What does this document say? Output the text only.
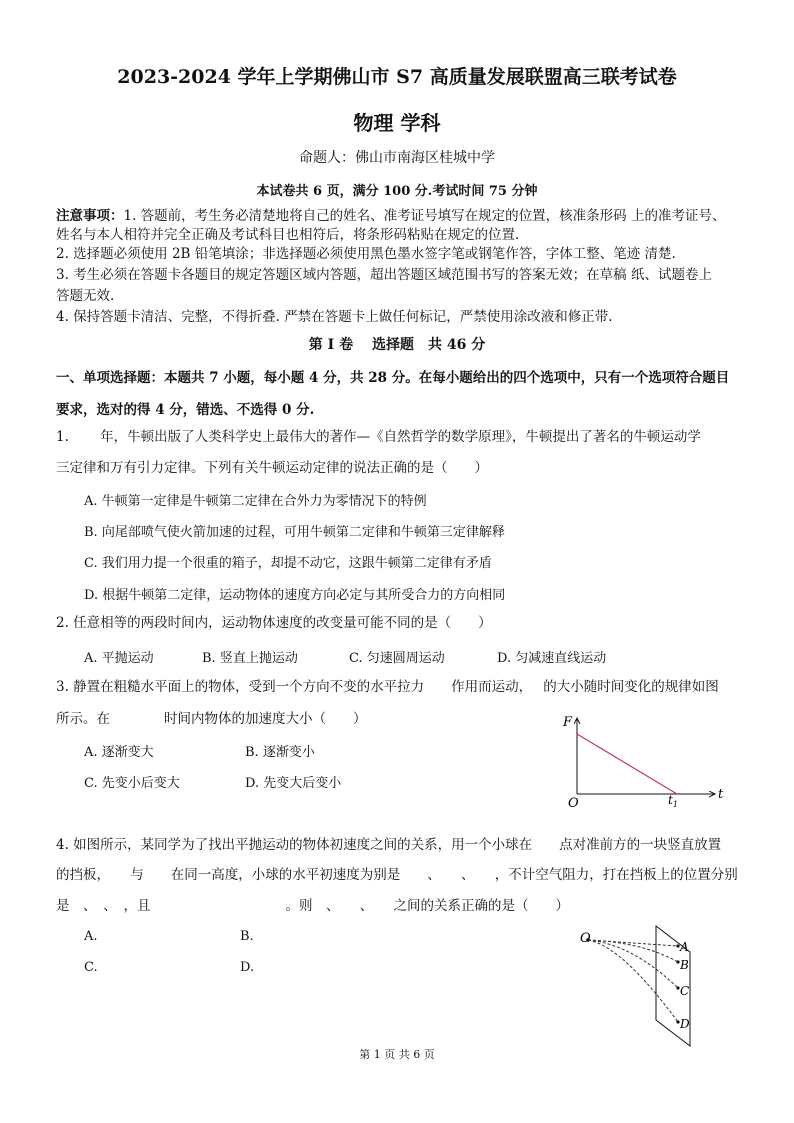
2023-2024 学年上学期佛山市 S7 高质量发展联盟高三联考试卷
物理 学科
命题人：佛山市南海区桂城中学
本试卷共 6 页，满分 100 分.考试时间 75 分钟
注意事项：1. 答题前，考生务必清楚地将自己的姓名、准考证号填写在规定的位置，核准条形码 上的准考证号、
姓名与本人相符并完全正确及考试科目也相符后，将条形码粘贴在规定的位置.
2. 选择题必须使用 2B 铅笔填涂；非选择题必须使用黑色墨水签字笔或钢笔作答，字体工整、笔迹 清楚.
3. 考生必须在答题卡各题目的规定答题区域内答题，超出答题区域范围书写的答案无效；在草稿 纸、试题卷上
答题无效.
4. 保持答题卡清洁、完整，不得折叠. 严禁在答题卡上做任何标记，严禁使用涂改液和修正带.
第 I 卷　 选择题　共 46 分
一、单项选择题：本题共 7 小题，每小题 4 分，共 28 分。在每小题给出的四个选项中，只有一个选项符合题目
要求，选对的得 4 分，错选、不选得 0 分.
1.　　 年，牛顿出版了人类科学史上最伟大的著作—《自然哲学的数学原理》，牛顿提出了著名的牛顿运动学
三定律和万有引力定律。下列有关牛顿运动定律的说法正确的是（　　）
A. 牛顿第一定律是牛顿第二定律在合外力为零情况下的特例
B. 向尾部喷气使火箭加速的过程，可用牛顿第二定律和牛顿第三定律解释
C. 我们用力提一个很重的箱子，却提不动它，这跟牛顿第二定律有矛盾
D. 根据牛顿第二定律，运动物体的速度方向必定与其所受合力的方向相同
2. 任意相等的两段时间内，运动物体速度的改变量可能不同的是（　　）
A. 平抛运动	B. 竖直上抛运动	C. 匀速圆周运动	D. 匀减速直线运动
3. 静置在粗糙水平面上的物体，受到一个方向不变的水平拉力　　作用而运动，　 的大小随时间变化的规律如图
所示。在　　　　时间内物体的加速度大小（　　）
A. 逐渐变大	B. 逐渐变小
C. 先变小后变大	D. 先变大后变小
F
t
O	$t_1$
4. 如图所示，某同学为了找出平抛运动的物体初速度之间的关系，用一个小球在　　点对准前方的一块竖直放置
的挡板，　　与　　在同一高度，小球的水平初速度为别是　　、　　、　　，不计空气阻力，打在挡板上的位置分别
是　、　、　，且　　　　　　　　　　。则　、　　、　　之间的关系正确的是（　　）
A.	B.
C.	D.
O
A
B
C
D
第 1 页 共 6 页
